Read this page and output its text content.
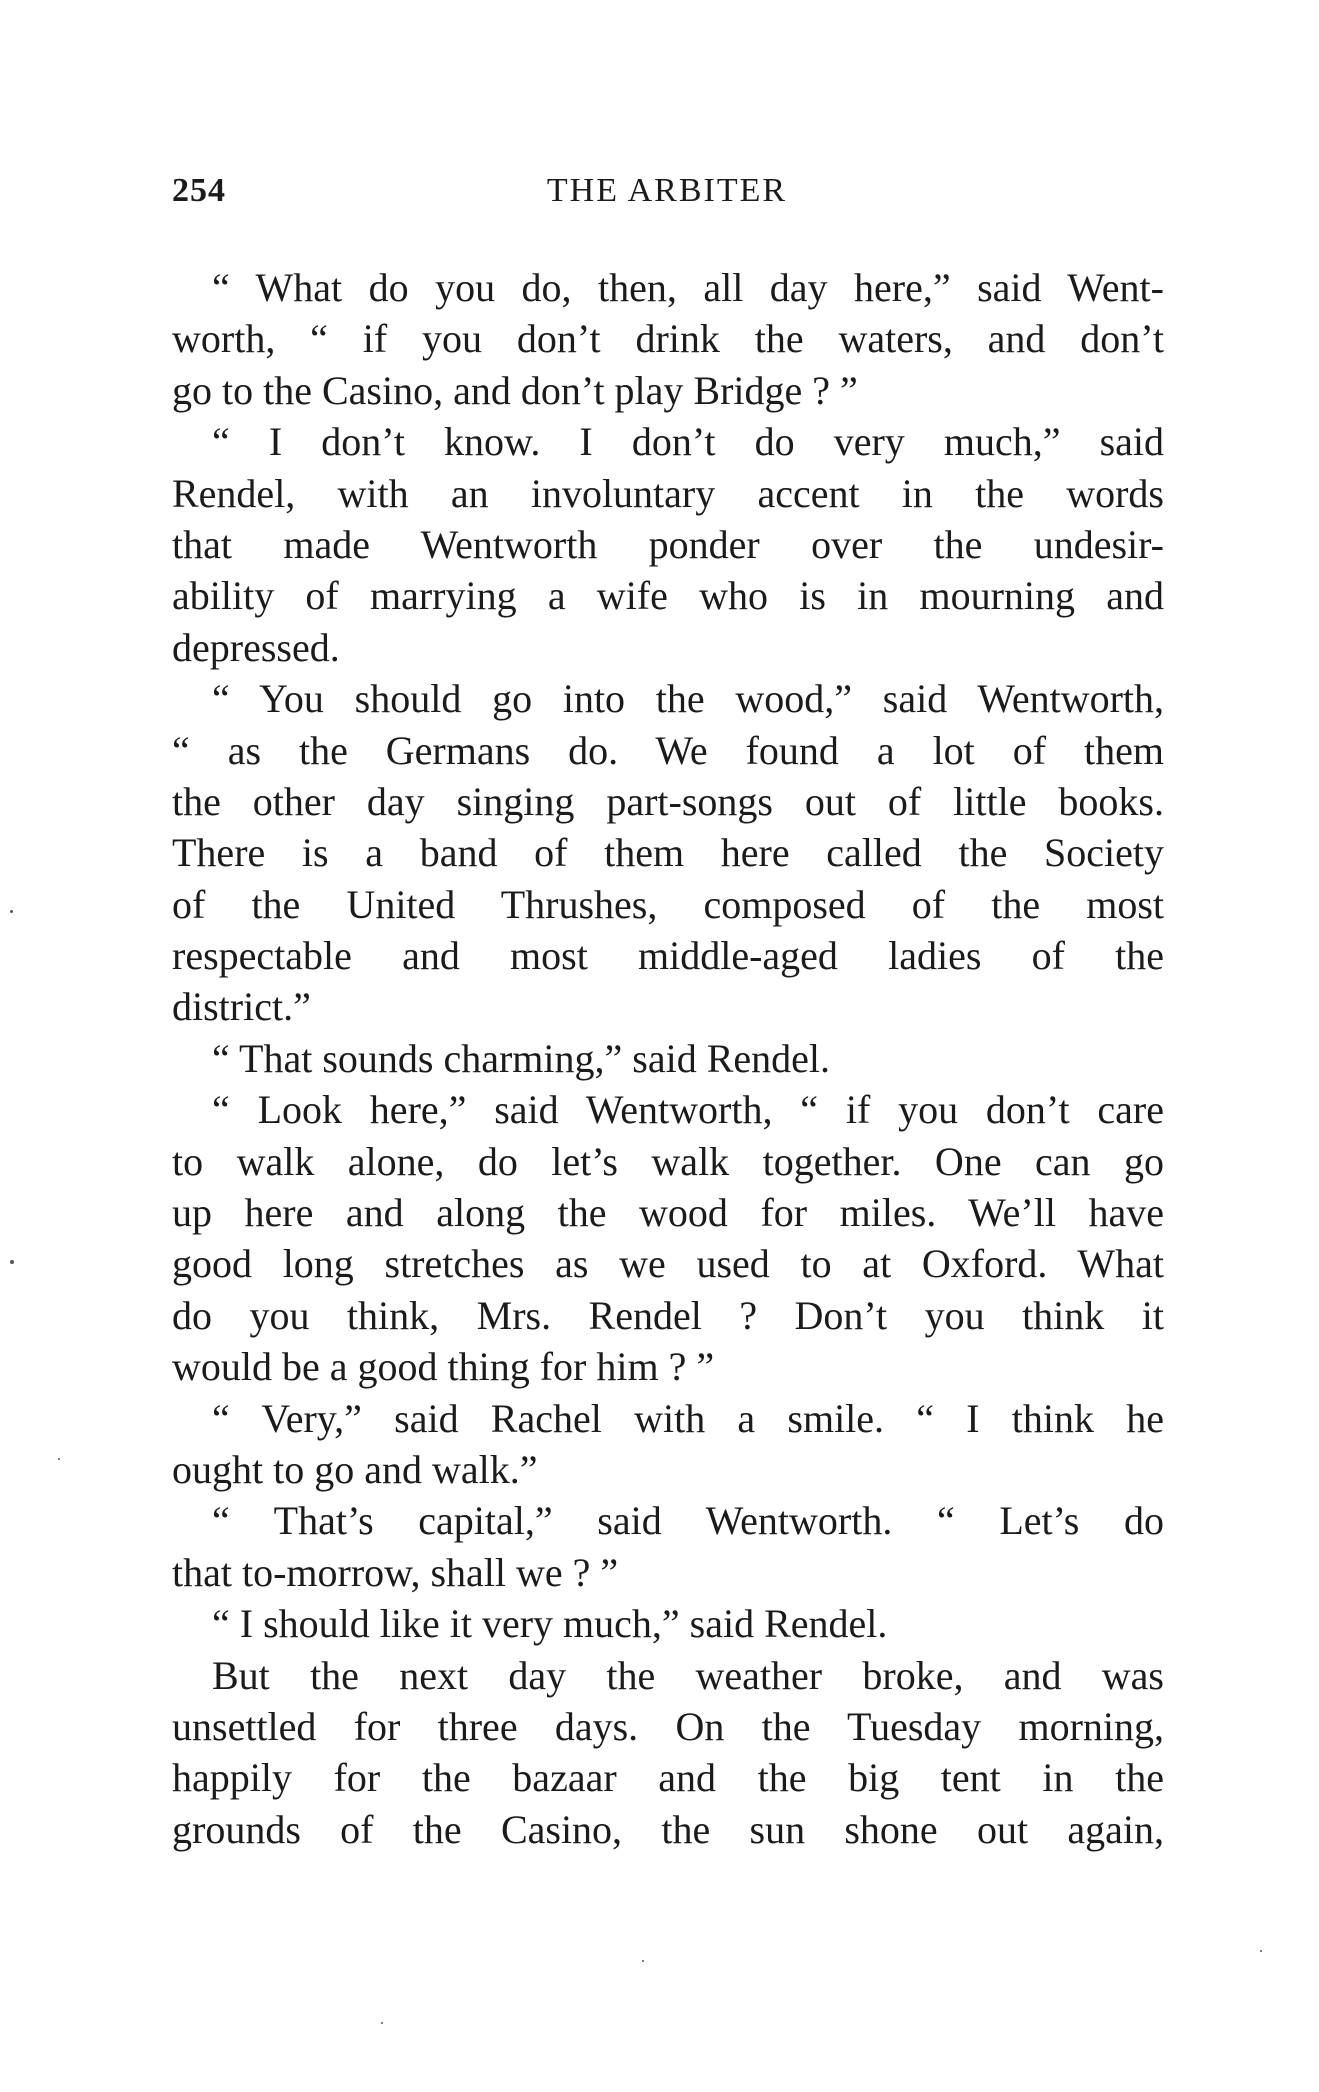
254	THE ARBITER
“ What do you do, then, all day here,” said Went-
worth, “ if you don’t drink the waters, and don’t
go to the Casino, and don’t play Bridge ? ”
“ I don’t know. I don’t do very much,” said
Rendel, with an involuntary accent in the words
that made Wentworth ponder over the undesir-
ability of marrying a wife who is in mourning and
depressed.
“ You should go into the wood,” said Wentworth,
“ as the Germans do. We found a lot of them
the other day singing part-songs out of little books.
There is a band of them here called the Society
of the United Thrushes, composed of the most
respectable and most middle-aged ladies of the
district.”
“ That sounds charming,” said Rendel.
“ Look here,” said Wentworth, “ if you don’t care
to walk alone, do let’s walk together. One can go
up here and along the wood for miles. We’ll have
good long stretches as we used to at Oxford. What
do you think, Mrs. Rendel ? Don’t you think it
would be a good thing for him ? ”
“ Very,” said Rachel with a smile. “ I think he
ought to go and walk.”
“ That’s capital,” said Wentworth. “ Let’s do
that to-morrow, shall we ? ”
“ I should like it very much,” said Rendel.
But the next day the weather broke, and was
unsettled for three days. On the Tuesday morning,
happily for the bazaar and the big tent in the
grounds of the Casino, the sun shone out again,
